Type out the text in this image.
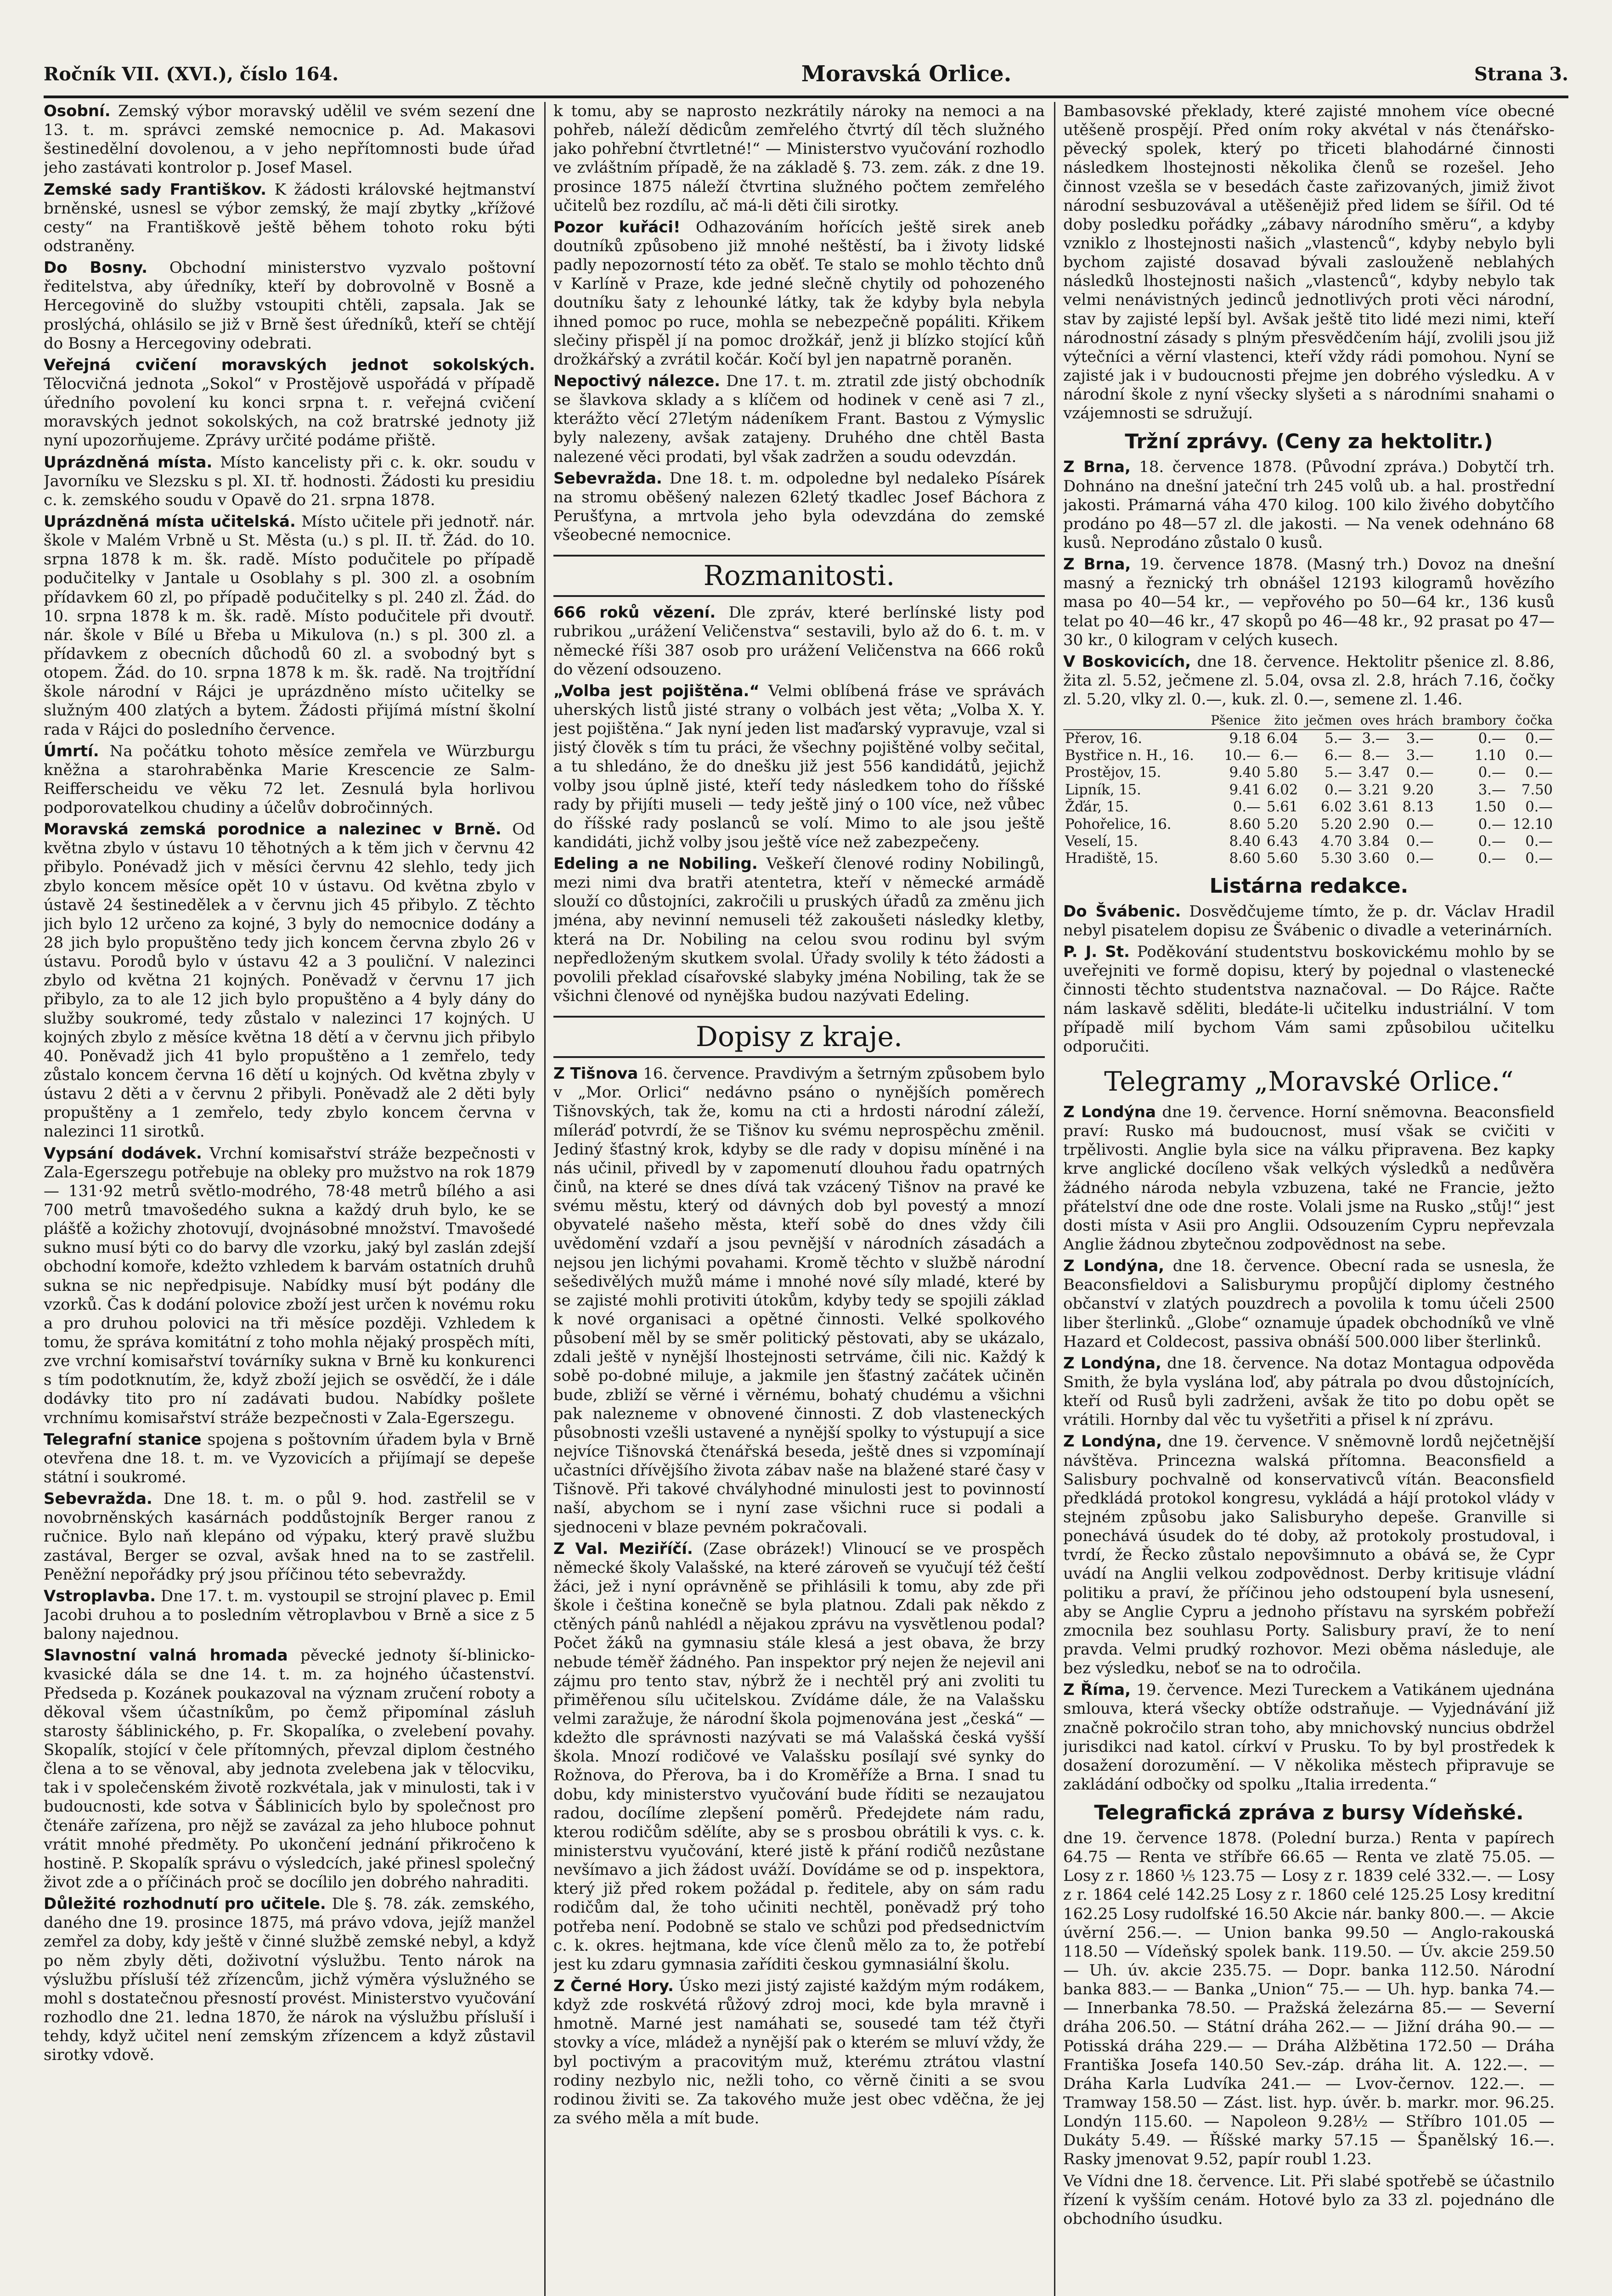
Ročník VII. (XVI.), číslo 164.	Moravská Orlice.	Strana 3.

Osobní. Zemský výbor moravský udělil ve svém sezení dne 13. t. m. správci zemské nemocnice p. Ad. Makasovi šestinedělní dovolenou, a v jeho nepřítomnosti bude úřad jeho zastávati kontrolor p. Josef Masel.

Zemské sady Františkov. K žádosti královské hejtmanství brněnské, usnesl se výbor zemský, že mají zbytky „křížové cesty“ na Františkově ještě během tohoto roku býti odstraněny.

Do Bosny. Obchodní ministerstvo vyzvalo poštovní ředitelstva, aby úředníky, kteří by dobrovolně v Bosně a Hercegovině do služby vstoupiti chtěli, zapsala. Jak se proslýchá, ohlásilo se již v Brně šest úředníků, kteří se chtějí do Bosny a Hercegoviny odebrati.

Veřejná cvičení moravských jednot sokolských. Tělocvičná jednota „Sokol“ v Prostějově uspořádá v případě úředního povolení ku konci srpna t. r. veřejná cvičení moravských jednot sokolských, na což bratrské jednoty již nyní upozorňujeme. Zprávy určité podáme přiště.

Uprázdněná místa. Místo kancelisty při c. k. okr. soudu v Javorníku ve Slezsku s pl. XI. tř. hodnosti. Žádosti ku presidiu c. k. zemského soudu v Opavě do 21. srpna 1878.

Uprázdněná místa učitelská. Místo učitele při jednotř. nár. škole v Malém Vrbně u St. Města (u.) s pl. II. tř. Žád. do 10. srpna 1878 k m. šk. radě. Místo podučitele po případě podučitelky v Jantale u Osoblahy s pl. 300 zl. a osobním přídavkem 60 zl, po případě podučitelky s pl. 240 zl. Žád. do 10. srpna 1878 k m. šk. radě. Místo podučitele při dvoutř. nár. škole v Bílé u Břeba u Mikulova (n.) s pl. 300 zl. a přídavkem z obecních důchodů 60 zl. a svobodný byt s otopem. Žád. do 10. srpna 1878 k m. šk. radě. Na trojtřídní škole národní v Rájci je uprázdněno místo učitelky se služným 400 zlatých a bytem. Žádosti přijímá místní školní rada v Rájci do posledního července.

Úmrtí. Na počátku tohoto měsíce zemřela ve Würzburgu kněžna a starohraběnka Marie Krescencie ze Salm-Reifferscheidu ve věku 72 let. Zesnulá byla horlivou podporovatelkou chudiny a účelův dobročinných.

Moravská zemská porodnice a nalezinec v Brně. Od května zbylo v ústavu 10 těhotných a k těm jich v červnu 42 přibylo. Ponévadž jich v měsíci červnu 42 slehlo, tedy jich zbylo koncem měsíce opět 10 v ústavu. Od května zbylo v ústavě 24 šestinedělek a v červnu jich 45 přibylo. Z těchto jich bylo 12 určeno za kojné, 3 byly do nemocnice dodány a 28 jich bylo propuštěno tedy jich koncem června zbylo 26 v ústavu. Porodů bylo v ústavu 42 a 3 pouliční. V nalezinci zbylo od května 21 kojných. Poněvadž v červnu 17 jich přibylo, za to ale 12 jich bylo propuštěno a 4 byly dány do služby soukromé, tedy zůstalo v nalezinci 17 kojných. U kojných zbylo z měsíce května 18 dětí a v červnu jich přibylo 40. Poněvadž jich 41 bylo propuštěno a 1 zemřelo, tedy zůstalo koncem června 16 dětí u kojných. Od května zbyly v ústavu 2 děti a v červnu 2 přibyli. Poněvadž ale 2 děti byly propuštěny a 1 zemřelo, tedy zbylo koncem června v nalezinci 11 sirotků.

Vypsání dodávek. Vrchní komisařství stráže bezpečnosti v Zala-Egerszegu potřebuje na obleky pro mužstvo na rok 1879 — 131·92 metrů světlo-modrého, 78·48 metrů bílého a asi 700 metrů tmavošedého sukna a každý druh bylo, ke se plášťě a kožichy zhotovují, dvojnásobné množství. Tmavošedé sukno musí býti co do barvy dle vzorku, jaký byl zaslán zdejší obchodní komoře, kdežto vzhledem k barvám ostatních druhů sukna se nic nepředpisuje. Nabídky musí být podány dle vzorků. Čas k dodání polovice zboží jest určen k novému roku a pro druhou polovici na tři měsíce později. Vzhledem k tomu, že správa komitátní z toho mohla nějaký prospěch míti, zve vrchní komisařství továrníky sukna v Brně ku konkurenci s tím podotknutím, že, když zboží jejich se osvědčí, že i dále dodávky tito pro ní zadávati budou. Nabídky pošlete vrchnímu komisařství stráže bezpečnosti v Zala-Egerszegu.

Telegrafní stanice spojena s poštovním úřadem byla v Brně otevřena dne 18. t. m. ve Vyzovicích a přijímají se depeše státní i soukromé.

Sebevražda. Dne 18. t. m. o půl 9. hod. zastřelil se v novobrněnských kasárnách poddůstojník Berger ranou z ručnice. Bylo naň klepáno od výpaku, který pravě službu zastával, Berger se ozval, avšak hned na to se zastřelil. Peněžní nepořádky prý jsou příčinou této sebevraždy.

Vstroplavba. Dne 17. t. m. vystoupil se strojní plavec p. Emil Jacobi druhou a to posledním větroplavbou v Brně a sice z 5 balony najednou.

Slavnostní valná hromada pěvecké jednoty ší-blinicko-kvasické dála se dne 14. t. m. za hojného účastenství. Předseda p. Kozánek poukazoval na význam zručení roboty a děkoval všem účastníkům, po čemž připomínal zásluh starosty šáblinického, p. Fr. Skopalíka, o zvelebení povahy. Skopalík, stojící v čele přítomných, převzal diplom čestného člena a to se věnoval, aby jednota zvelebena jak v tělocviku, tak i v společenském životě rozkvétala, jak v minulosti, tak i v budoucnosti, kde sotva v Šáblinicích bylo by společnost pro čtenáře zařízena, pro nějž se zavázal za jeho hluboce pohnut vrátit mnohé předměty. Po ukončení jednání přikročeno k hostině. P. Skopalík správu o výsledcích, jaké přinesl společný život zde a o příčinách proč se docílilo jen dobrého nahraditi.

Důležité rozhodnutí pro učitele. Dle §. 78. zák. zemského, daného dne 19. prosince 1875, má právo vdova, jejíž manžel zemřel za doby, kdy ještě v činné službě zemské nebyl, a když po něm zbyly děti, doživotní výslužbu. Tento nárok na výslužbu přísluší též zřízencům, jichž výměra výslužného se mohl s dostatečnou přesností provést. Ministerstvo vyučování rozhodlo dne 21. ledna 1870, že nárok na výslužbu přísluší i tehdy, když učitel není zemským zřízencem a když zůstavil sirotky vdově.

k tomu, aby se naprosto nezkrátily nároky na nemoci a na pohřeb, náleží dědicům zemřelého čtvrtý díl těch služného jako pohřební čtvrtletné!“ — Ministerstvo vyučování rozhodlo ve zvláštním případě, že na základě §. 73. zem. zák. z dne 19. prosince 1875 náleží čtvrtina služného počtem zemřelého učitelů bez rozdílu, ač má-li děti čili sirotky.

Pozor kuřáci! Odhazováním hořících ještě sirek aneb doutníků způsobeno již mnohé neštěstí, ba i životy lidské padly nepozorností této za oběť. Te stalo se mohlo těchto dnů v Karlíně v Praze, kde jedné slečně chytily od pohozeného doutníku šaty z lehounké látky, tak že kdyby byla nebyla ihned pomoc po ruce, mohla se nebezpečně popáliti. Křikem slečiny přispěl jí na pomoc drožkář, jenž ji blízko stojící kůň drožkářský a zvrátil kočár. Kočí byl jen napatrně poraněn.

Nepoctivý nálezce. Dne 17. t. m. ztratil zde jistý obchodník se šlavkova sklady a s klíčem od hodinek v ceně asi 7 zl., kterážto věcí 27letým nádeníkem Frant. Bastou z Výmyslic byly nalezeny, avšak zatajeny. Druhého dne chtěl Basta nalezené věci prodati, byl však zadržen a soudu odevzdán.

Sebevražda. Dne 18. t. m. odpoledne byl nedaleko Písárek na stromu oběšený nalezen 62letý tkadlec Josef Báchora z Perušťyna, a mrtvola jeho byla odevzdána do zemské všeobecné nemocnice.

Rozmanitosti.

666 roků vězení. Dle zpráv, které berlínské listy pod rubrikou „urážení Veličenstva“ sestavili, bylo až do 6. t. m. v německé říši 387 osob pro urážení Veličenstva na 666 roků do vězení odsouzeno.

„Volba jest pojištěna.“ Velmi oblíbená fráse ve správách uherských listů jisté strany o volbách jest věta; „Volba X. Y. jest pojištěna.“ Jak nyní jeden list maďarský vypravuje, vzal si jistý člověk s tím tu práci, že všechny pojištěné volby sečital, a tu shledáno, že do dnešku již jest 556 kandidátů, jejichž volby jsou úplně jisté, kteří tedy následkem toho do říšské rady by přijíti museli — tedy ještě jiný o 100 více, než vůbec do říšské rady poslanců se volí. Mimo to ale jsou ještě kandidáti, jichž volby jsou ještě více než zabezpečeny.

Edeling a ne Nobiling. Veškeří členové rodiny Nobilingů, mezi nimi dva bratři atentetra, kteří v německé armádě slouží co důstojníci, zakročili u pruských úřadů za změnu jich jména, aby nevinní nemuseli též zakoušeti následky kletby, která na Dr. Nobiling na celou svou rodinu byl svým nepředloženým skutkem svolal. Úřady svolily k této žádosti a povolili překlad císařovské slabyky jména Nobiling, tak že se všichni členové od nynějška budou nazývati Edeling.

Dopisy z kraje.

Z Tišnova 16. července. Pravdivým a šetrným způsobem bylo v „Mor. Orlici“ nedávno psáno o nynějších poměrech Tišnovských, tak že, komu na cti a hrdosti národní záleží, míleráď potvrdí, že se Tišnov ku svému neprospěchu změnil. Jediný šťastný krok, kdyby se dle rady v dopisu míněné i na nás učinil, přivedl by v zapomenutí dlouhou řadu opatrných činů, na které se dnes dívá tak vzácený Tišnov na pravé ke svému městu, který od dávných dob byl povestý a mnozí obyvatelé našeho města, kteří sobě do dnes vždy čili uvědomění vzdaří a jsou pevnější v národních zásadách a nejsou jen lichými povahami. Kromě těchto v službě národní sešedivělých mužů máme i mnohé nové síly mladé, které by se zajisté mohli protiviti útokům, kdyby tedy se spojili základ k nové organisaci a opětné činnosti. Velké spolkového působení měl by se směr politický pěstovati, aby se ukázalo, zdali ještě v nynější lhostejnosti setrváme, čili nic. Každý k sobě po-dobné miluje, a jakmile jen šťastný začátek učiněn bude, zbliží se věrné i věrnému, bohatý chudému a všichni pak nalezneme v obnovené činnosti. Z dob vlasteneckých působnosti vzešli ustavené a nynější spolky to výstupují a sice nejvíce Tišnovská čtenářská beseda, ještě dnes si vzpomínají učastníci dřívějšího života zábav naše na blažené staré časy v Tišnově. Při takové chvályhodné minulosti jest to povinností naší, abychom se i nyní zase všichni ruce si podali a sjednoceni v blaze pevném pokračovali.

Z Val. Meziříčí. (Zase obrázek!) Vlinoucí se ve prospěch německé školy Valašské, na které zároveň se vyučují též čeští žáci, jež i nyní oprávněně se přihlásili k tomu, aby zde při škole i čeština konečně se byla platnou. Zdali pak někdo z ctěných pánů nahlédl a nějakou zprávu na vysvětlenou podal? Počet žáků na gymnasiu stále klesá a jest obava, že brzy nebude téměř žádného. Pan inspektor prý nejen že nejevil ani zájmu pro tento stav, nýbrž že i nechtěl prý ani zvoliti tu přiměřenou sílu učitelskou. Zvídáme dále, že na Valašsku velmi zaražuje, že národní škola pojmenována jest „česká“ — kdežto dle správnosti nazývati se má Valašská česká vyšší škola. Mnozí rodičové ve Valašsku posílají své synky do Rožnova, do Přerova, ba i do Kroměříže a Brna. I snad tu dobu, kdy ministerstvo vyučování bude říditi se nezaujatou radou, docílíme zlepšení poměrů. Předejdete nám radu, kterou rodičům sdělíte, aby se s prosbou obrátili k vys. c. k. ministerstvu vyučování, které jistě k přání rodičů nezůstane nevšímavo a jich žádost uváží. Dovídáme se od p. inspektora, který již před rokem požádal p. ředitele, aby on sám radu rodičům dal, že toho učiniti nechtěl, poněvadž prý toho potřeba není. Podobně se stalo ve schůzi pod předsednictvím c. k. okres. hejtmana, kde více členů mělo za to, že potřebí jest ku zdaru gymnasia zaříditi českou gymnasiální školu.

Z Černé Hory. Úsko mezi jistý zajisté každým mým rodákem, když zde roskvétá růžový zdroj moci, kde byla mravně i hmotně. Marné jest namáhati se, sousedé tam též čtyři stovky a více, mládež a nynější pak o kterém se mluví vždy, že byl poctivým a pracovitým muž, kterému ztrátou vlastní rodiny nezbylo nic, nežli toho, co věrně činiti a se svou rodinou živiti se. Za takového muže jest obec vděčna, že jej za svého měla a mít bude.

Bambasovské překlady, které zajisté mnohem více obecné utěšeně prospějí. Před oním roky akvétal v nás čtenářsko-pěvecký spolek, který po třiceti blahodárné činnosti následkem lhostejnosti několika členů se rozešel. Jeho činnost vzešla se v besedách časte zařizovaných, jimiž život národní sesbuzovával a utěšenějiž před lidem se šířil. Od té doby posledku pořádky „zábavy národního směru“, a kdyby vzniklo z lhostejnosti našich „vlastenců“, kdyby nebylo byli bychom zajisté dosavad bývali zaslouženě neblahých následků lhostejnosti našich „vlastenců“, kdyby nebylo tak velmi nenávistných jedinců jednotlivých proti věci národní, stav by zajisté lepší byl. Avšak ještě tito lidé mezi nimi, kteří národnostní zásady s plným přesvědčením hájí, zvolili jsou již výtečníci a věrní vlastenci, kteří vždy rádi pomohou. Nyní se zajisté jak i v budoucnosti přejme jen dobrého výsledku. A v národní škole z nyní všecky slyšeti a s národními snahami o vzájemnosti se sdružují.

Tržní zprávy. (Ceny za hektolitr.)

Z Brna, 18. července 1878. (Původní zpráva.) Dobytčí trh. Dohnáno na dnešní jateční trh 245 volů ub. a hal. prostřední jakosti. Prámarná váha 470 kilog. 100 kilo živého dobytčího prodáno po 48—57 zl. dle jakosti. — Na venek odehnáno 68 kusů. Neprodáno zůstalo 0 kusů.

Z Brna, 19. července 1878. (Masný trh.) Dovoz na dnešní masný a řeznický trh obnášel 12193 kilogramů hovězího masa po 40—54 kr., — vepřového po 50—64 kr., 136 kusů telat po 40—46 kr., 47 skopů po 46—48 kr., 92 prasat po 47—30 kr., 0 kilogram v celých kusech.

V Boskovicích, dne 18. července. Hektolitr pšenice zl. 8.86, žita zl. 5.52, ječmene zl. 5.04, ovsa zl. 2.8, hrách 7.16, čočky zl. 5.20, vlky zl. 0.—, kuk. zl. 0.—, semene zl. 1.46.

	Pšenice	žito	ječmen	oves	hrách	brambory	čočka
Přerov, 16.	9.18	6.04	5.—	3.—	3.—	0.—	0.—
Bystřice n. H., 16.	10.—	6.—	6.—	8.—	3.—	1.10	0.—
Prostějov, 15.	9.40	5.80	5.—	3.47	0.—	0.—	0.—
Lipník, 15.	9.41	6.02	0.—	3.21	9.20	3.—	7.50
Žďár, 15.	0.—	5.61	6.02	3.61	8.13	1.50	0.—
Pohořelice, 16.	8.60	5.20	5.20	2.90	0.—	0.—	12.10
Veselí, 15.	8.40	6.43	4.70	3.84	0.—	0.—	0.—
Hradiště, 15.	8.60	5.60	5.30	3.60	0.—	0.—	0.—
Listárna redakce.

Do Švábenic. Dosvědčujeme tímto, že p. dr. Václav Hradil nebyl pisatelem dopisu ze Švábenic o divadle a veterinárních.

P. J. St. Poděkování studentstvu boskovickému mohlo by se uveřejniti ve formě dopisu, který by pojednal o vlastenecké činnosti těchto studentstva naznačoval. — Do Rájce. Račte nám laskavě sděliti, bledáte-li učitelku industriální. V tom případě milí bychom Vám sami způsobilou učitelku odporučiti.

Telegramy „Moravské Orlice.“

Z Londýna dne 19. července. Horní sněmovna. Beaconsfield praví: Rusko má budoucnost, musí však se cvičiti v trpělivosti. Anglie byla sice na válku připravena. Bez kapky krve anglické docíleno však velkých výsledků a nedůvěra žádného národa nebyla vzbuzena, také ne Francie, ježto přátelství dne ode dne roste. Volali jsme na Rusko „stůj!“ jest dosti místa v Asii pro Anglii. Odsouzením Cypru nepřevzala Anglie žádnou zbytečnou zodpovědnost na sebe.

Z Londýna, dne 18. července. Obecní rada se usnesla, že Beaconsfieldovi a Salisburymu propůjčí diplomy čestného občanství v zlatých pouzdrech a povolila k tomu účeli 2500 liber šterlinků. „Globe“ oznamuje úpadek obchodníků ve vlně Hazard et Coldecost, passiva obnáší 500.000 liber šterlinků.

Z Londýna, dne 18. července. Na dotaz Montagua odpověda Smith, že byla vyslána loď, aby pátrala po dvou důstojnících, kteří od Rusů byli zadrženi, avšak že tito po dobu opět se vrátili. Hornby dal věc tu vyšetřiti a přisel k ní zprávu.

Z Londýna, dne 19. července. V sněmovně lordů nejčetnější návštěva. Princezna walská přítomna. Beaconsfield a Salisbury pochvalně od konservativců vítán. Beaconsfield předkládá protokol kongresu, vykládá a hájí protokol vlády v stejném způsobu jako Salisburyho depeše. Granville si ponechává úsudek do té doby, až protokoly prostudoval, i tvrdí, že Řecko zůstalo nepovšimnuto a obává se, že Cypr uvádí na Anglii velkou zodpovědnost. Derby kritisuje vládní politiku a praví, že příčinou jeho odstoupení byla usnesení, aby se Anglie Cypru a jednoho přístavu na syrském pobřeží zmocnila bez souhlasu Porty. Salisbury praví, že to není pravda. Velmi prudký rozhovor. Mezi oběma následuje, ale bez výsledku, neboť se na to odročila.

Z Říma, 19. července. Mezi Tureckem a Vatikánem ujednána smlouva, která všecky obtíže odstraňuje. — Vyjednávání již značně pokročilo stran toho, aby mnichovský nuncius obdržel jurisdikci nad katol. církví v Prusku. To by byl prostředek k dosažení dorozumění. — V několika městech připravuje se zakládání odbočky od spolku „Italia irredenta.“

Telegrafická zpráva z bursy Vídeňské.

dne 19. července 1878. (Polední burza.) Renta v papírech 64.75 — Renta ve stříbře 66.65 — Renta ve zlatě 75.05. — Losy z r. 1860 ⅕ 123.75 — Losy z r. 1839 celé 332.—. — Losy z r. 1864 celé 142.25 Losy z r. 1860 celé 125.25 Losy kreditní 162.25 Losy rudolfské 16.50 Akcie nár. banky 800.—. — Akcie úvěrní 256.—. — Union banka 99.50 — Anglo-rakouská 118.50 — Vídeňský spolek bank. 119.50. — Úv. akcie 259.50 — Uh. úv. akcie 235.75. — Dopr. banka 112.50. Národní banka 883.— — Banka „Union“ 75.— — Uh. hyp. banka 74.— — Innerbanka 78.50. — Pražská železárna 85.— — Severní dráha 206.50. — Státní dráha 262.— — Jižní dráha 90.— — Potisská dráha 229.— — Dráha Alžbětina 172.50 — Dráha Františka Josefa 140.50 Sev.-záp. dráha lit. A. 122.—. — Dráha Karla Ludvíka 241.— — Lvov-černov. 122.—. — Tramway 158.50 — Zást. list. hyp. úvěr. b. markr. mor. 96.25. Londýn 115.60. — Napoleon 9.28½ — Stříbro 101.05 — Dukáty 5.49. — Říšské marky 57.15 — Španělský 16.—. Rasky jmenovat 9.52, papír roubl 1.23.

Ve Vídni dne 18. července. Lit. Při slabé spotřebě se účastnilo řízení k vyšším cenám. Hotové bylo za 33 zl. pojednáno dle obchodního úsudku.
